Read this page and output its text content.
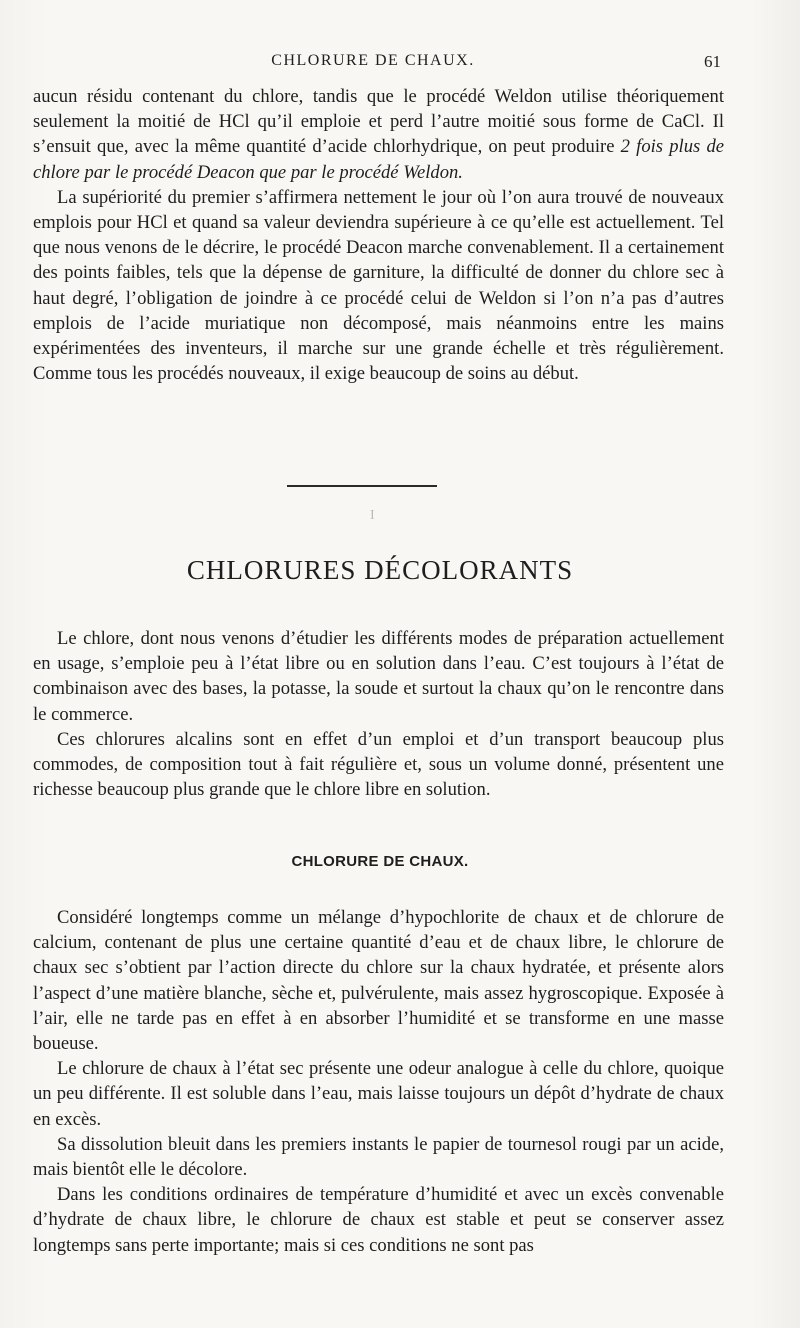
CHLORURE DE CHAUX.	61

aucun résidu contenant du chlore, tandis que le procédé Weldon utilise théoriquement seulement la moitié de HCl qu’il emploie et perd l’autre moitié sous forme de CaCl. Il s’ensuit que, avec la même quantité d’acide chlorhydrique, on peut produire 2 fois plus de chlore par le procédé Deacon que par le procédé Weldon.

La supériorité du premier s’affirmera nettement le jour où l’on aura trouvé de nouveaux emplois pour HCl et quand sa valeur deviendra supérieure à ce qu’elle est actuellement. Tel que nous venons de le décrire, le procédé Deacon marche convenablement. Il a certainement des points faibles, tels que la dépense de garniture, la difficulté de donner du chlore sec à haut degré, l’obligation de joindre à ce procédé celui de Weldon si l’on n’a pas d’autres emplois de l’acide muriatique non décomposé, mais néanmoins entre les mains expérimentées des inventeurs, il marche sur une grande échelle et très régulièrement. Comme tous les procédés nouveaux, il exige beaucoup de soins au début.

I
CHLORURES DÉCOLORANTS

Le chlore, dont nous venons d’étudier les différents modes de préparation actuellement en usage, s’emploie peu à l’état libre ou en solution dans l’eau. C’est toujours à l’état de combinaison avec des bases, la potasse, la soude et surtout la chaux qu’on le rencontre dans le commerce.

Ces chlorures alcalins sont en effet d’un emploi et d’un transport beaucoup plus commodes, de composition tout à fait régulière et, sous un volume donné, présentent une richesse beaucoup plus grande que le chlore libre en solution.

CHLORURE DE CHAUX.

Considéré longtemps comme un mélange d’hypochlorite de chaux et de chlorure de calcium, contenant de plus une certaine quantité d’eau et de chaux libre, le chlorure de chaux sec s’obtient par l’action directe du chlore sur la chaux hydratée, et présente alors l’aspect d’une matière blanche, sèche et, pulvérulente, mais assez hygroscopique. Exposée à l’air, elle ne tarde pas en effet à en absorber l’humidité et se transforme en une masse boueuse.

Le chlorure de chaux à l’état sec présente une odeur analogue à celle du chlore, quoique un peu différente. Il est soluble dans l’eau, mais laisse toujours un dépôt d’hydrate de chaux en excès.

Sa dissolution bleuit dans les premiers instants le papier de tournesol rougi par un acide, mais bientôt elle le décolore.

Dans les conditions ordinaires de température d’humidité et avec un excès convenable d’hydrate de chaux libre, le chlorure de chaux est stable et peut se conserver assez longtemps sans perte importante; mais si ces conditions ne sont pas
